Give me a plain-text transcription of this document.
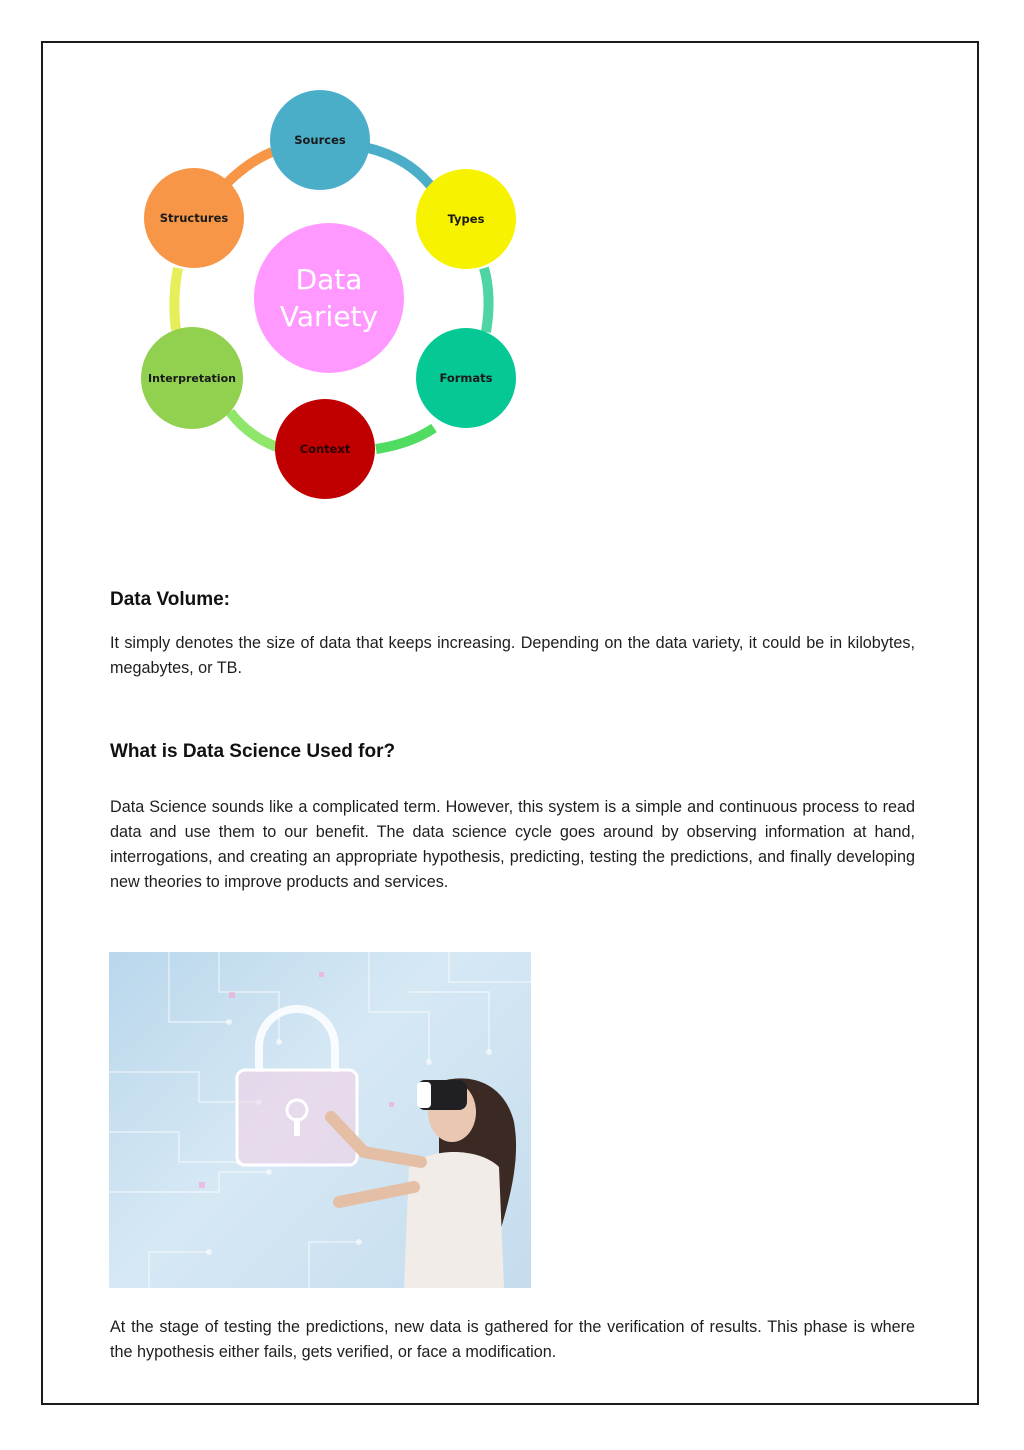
Data
Variety
Sources
Types
Formats
Context
Interpretation
Structures
Data Volume:

It simply denotes the size of data that keeps increasing. Depending on the data variety, it could be in kilobytes, megabytes, or TB.

What is Data Science Used for?

Data Science sounds like a complicated term. However, this system is a simple and continuous process to read data and use them to our benefit. The data science cycle goes around by observing information at hand, interrogations, and creating an appropriate hypothesis, predicting, testing the predictions, and finally developing new theories to improve products and services.

At the stage of testing the predictions, new data is gathered for the verification of results. This phase is where the hypothesis either fails, gets verified, or face a modification.
